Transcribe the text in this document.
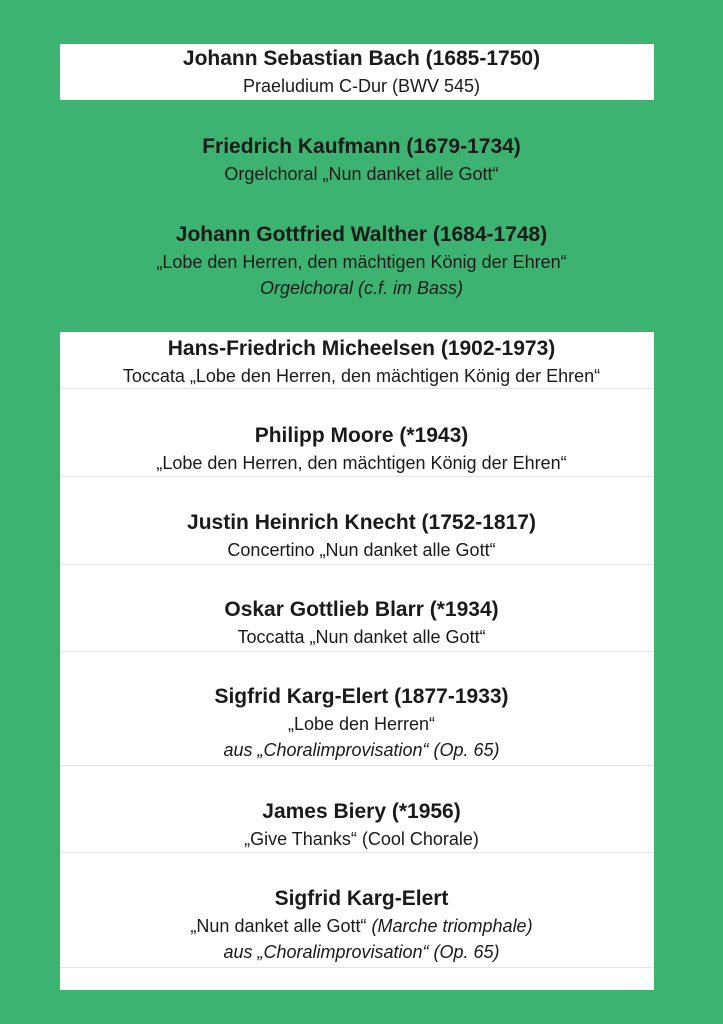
Johann Sebastian Bach (1685-1750)
Praeludium C-Dur (BWV 545)
Friedrich Kaufmann (1679-1734)
Orgelchoral „Nun danket alle Gott“
Johann Gottfried Walther (1684-1748)
„Lobe den Herren, den mächtigen König der Ehren“
Orgelchoral (c.f. im Bass)
Hans-Friedrich Micheelsen (1902-1973)
Toccata „Lobe den Herren, den mächtigen König der Ehren“
Philipp Moore (*1943)
„Lobe den Herren, den mächtigen König der Ehren“
Justin Heinrich Knecht (1752-1817)
Concertino „Nun danket alle Gott“
Oskar Gottlieb Blarr (*1934)
Toccatta „Nun danket alle Gott“
Sigfrid Karg-Elert (1877-1933)
„Lobe den Herren“
aus „Choralimprovisation“ (Op. 65)
James Biery (*1956)
„Give Thanks“ (Cool Chorale)
Sigfrid Karg-Elert
„Nun danket alle Gott“ (Marche triomphale)
aus „Choralimprovisation“ (Op. 65)
